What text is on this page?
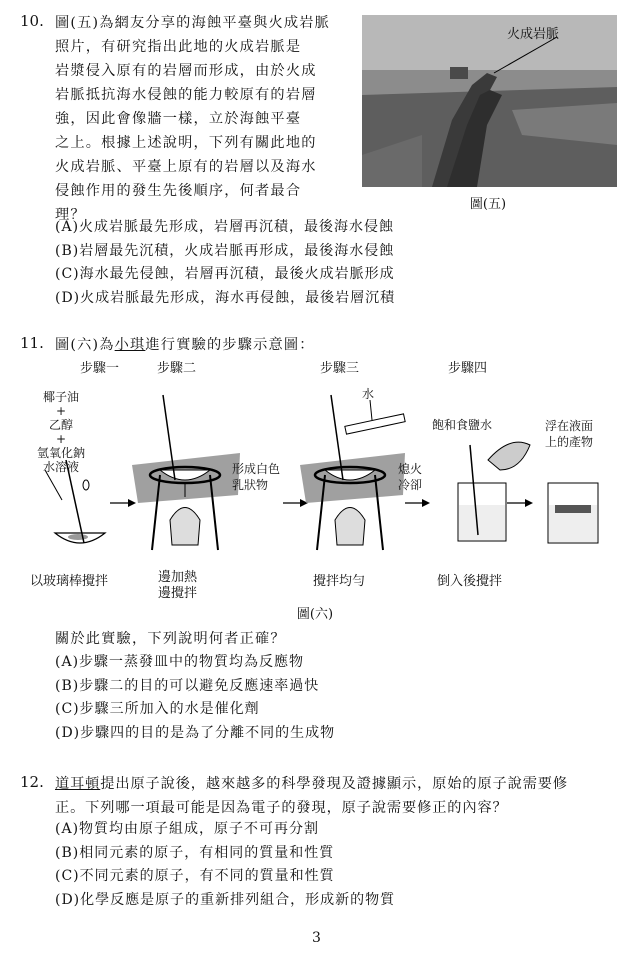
10. 圖(五)為網友分享的海蝕平臺與火成岩脈
照片，有研究指出此地的火成岩脈是
岩漿侵入原有的岩層而形成，由於火成
岩脈抵抗海水侵蝕的能力較原有的岩層
強，因此會像牆一樣，立於海蝕平臺
之上。根據上述說明，下列有關此地的
火成岩脈、平臺上原有的岩層以及海水
侵蝕作用的發生先後順序，何者最合
理？
火成岩脈
圖(五)
(A)火成岩脈最先形成，岩層再沉積，最後海水侵蝕
(B)岩層最先沉積，火成岩脈再形成，最後海水侵蝕
(C)海水最先侵蝕，岩層再沉積，最後火成岩脈形成
(D)火成岩脈最先形成，海水再侵蝕，最後岩層沉積
11. 圖(六)為小琪進行實驗的步驟示意圖：
步驟一	步驟二	步驟三	步驟四
椰子油
+
乙醇
+
氫氧化鈉
水溶液	形成白色
乳狀物
水
熄火
冷卻
飽和食鹽水	浮在液面
上的產物
以玻璃棒攪拌	邊加熱
邊攪拌
攪拌均勻	倒入後攪拌
圖(六)
關於此實驗，下列說明何者正確？
(A)步驟一蒸發皿中的物質均為反應物
(B)步驟二的目的可以避免反應速率過快
(C)步驟三所加入的水是催化劑
(D)步驟四的目的是為了分離不同的生成物
12. 道耳頓提出原子說後，越來越多的科學發現及證據顯示，原始的原子說需要修
正。下列哪一項最可能是因為電子的發現，原子說需要修正的內容？
(A)物質均由原子組成，原子不可再分割
(B)相同元素的原子，有相同的質量和性質
(C)不同元素的原子，有不同的質量和性質
(D)化學反應是原子的重新排列組合，形成新的物質
3
